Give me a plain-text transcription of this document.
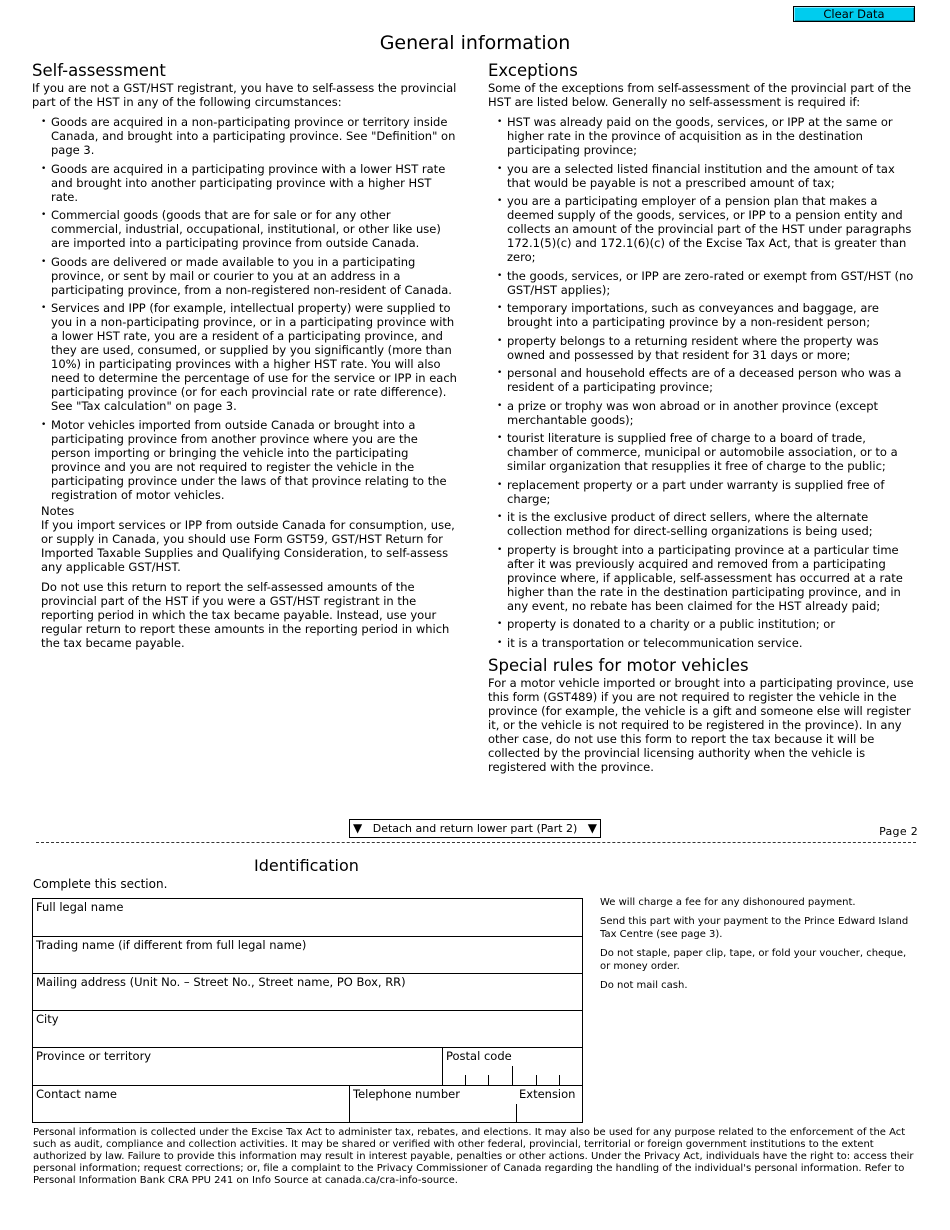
Clear Data
General information
Self-assessment
If you are not a GST/HST registrant, you have to self-assess the provincial part of the HST in any of the following circumstances:
• Goods are acquired in a non-participating province or territory inside Canada, and brought into a participating province. See "Definition" on page 3.
• Goods are acquired in a participating province with a lower HST rate and brought into another participating province with a higher HST rate.
• Commercial goods (goods that are for sale or for any other commercial, industrial, occupational, institutional, or other like use) are imported into a participating province from outside Canada.
• Goods are delivered or made available to you in a participating province, or sent by mail or courier to you at an address in a participating province, from a non-registered non-resident of Canada.
• Services and IPP (for example, intellectual property) were supplied to you in a non-participating province, or in a participating province with a lower HST rate, you are a resident of a participating province, and they are used, consumed, or supplied by you significantly (more than 10%) in participating provinces with a higher HST rate. You will also need to determine the percentage of use for the service or IPP in each participating province (or for each provincial rate or rate difference). See "Tax calculation" on page 3.
• Motor vehicles imported from outside Canada or brought into a participating province from another province where you are the person importing or bringing the vehicle into the participating province and you are not required to register the vehicle in the participating province under the laws of that province relating to the registration of motor vehicles.
Notes
If you import services or IPP from outside Canada for consumption, use, or supply in Canada, you should use Form GST59, GST/HST Return for Imported Taxable Supplies and Qualifying Consideration, to self-assess any applicable GST/HST.
Do not use this return to report the self-assessed amounts of the provincial part of the HST if you were a GST/HST registrant in the reporting period in which the tax became payable. Instead, use your regular return to report these amounts in the reporting period in which the tax became payable.
Exceptions
Some of the exceptions from self-assessment of the provincial part of the HST are listed below. Generally no self-assessment is required if:
• HST was already paid on the goods, services, or IPP at the same or higher rate in the province of acquisition as in the destination participating province;
• you are a selected listed financial institution and the amount of tax that would be payable is not a prescribed amount of tax;
• you are a participating employer of a pension plan that makes a deemed supply of the goods, services, or IPP to a pension entity and collects an amount of the provincial part of the HST under paragraphs 172.1(5)(c) and 172.1(6)(c) of the Excise Tax Act, that is greater than zero;
• the goods, services, or IPP are zero-rated or exempt from GST/HST (no GST/HST applies);
• temporary importations, such as conveyances and baggage, are brought into a participating province by a non-resident person;
• property belongs to a returning resident where the property was owned and possessed by that resident for 31 days or more;
• personal and household effects are of a deceased person who was a resident of a participating province;
• a prize or trophy was won abroad or in another province (except merchantable goods);
• tourist literature is supplied free of charge to a board of trade, chamber of commerce, municipal or automobile association, or to a similar organization that resupplies it free of charge to the public;
• replacement property or a part under warranty is supplied free of charge;
• it is the exclusive product of direct sellers, where the alternate collection method for direct-selling organizations is being used;
• property is brought into a participating province at a particular time after it was previously acquired and removed from a participating province where, if applicable, self-assessment has occurred at a rate higher than the rate in the destination participating province, and in any event, no rebate has been claimed for the HST already paid;
• property is donated to a charity or a public institution; or
• it is a transportation or telecommunication service.
Special rules for motor vehicles
For a motor vehicle imported or brought into a participating province, use this form (GST489) if you are not required to register the vehicle in the province (for example, the vehicle is a gift and someone else will register it, or the vehicle is not required to be registered in the province). In any other case, do not use this form to report the tax because it will be collected by the provincial licensing authority when the vehicle is registered with the province.
▼ Detach and return lower part (Part 2) ▼	Page 2
Identification
Complete this section.
Full legal name
Trading name (if different from full legal name)
Mailing address (Unit No. – Street No., Street name, PO Box, RR)
City
Province or territory	Postal code
Contact name	Telephone number	Extension

We will charge a fee for any dishonoured payment.

Send this part with your payment to the Prince Edward Island Tax Centre (see page 3).

Do not staple, paper clip, tape, or fold your voucher, cheque, or money order.

Do not mail cash.

Personal information is collected under the Excise Tax Act to administer tax, rebates, and elections. It may also be used for any purpose related to the enforcement of the Act such as audit, compliance and collection activities. It may be shared or verified with other federal, provincial, territorial or foreign government institutions to the extent authorized by law. Failure to provide this information may result in interest payable, penalties or other actions. Under the Privacy Act, individuals have the right to: access their personal information; request corrections; or, file a complaint to the Privacy Commissioner of Canada regarding the handling of the individual's personal information. Refer to Personal Information Bank CRA PPU 241 on Info Source at canada.ca/cra-info-source.
